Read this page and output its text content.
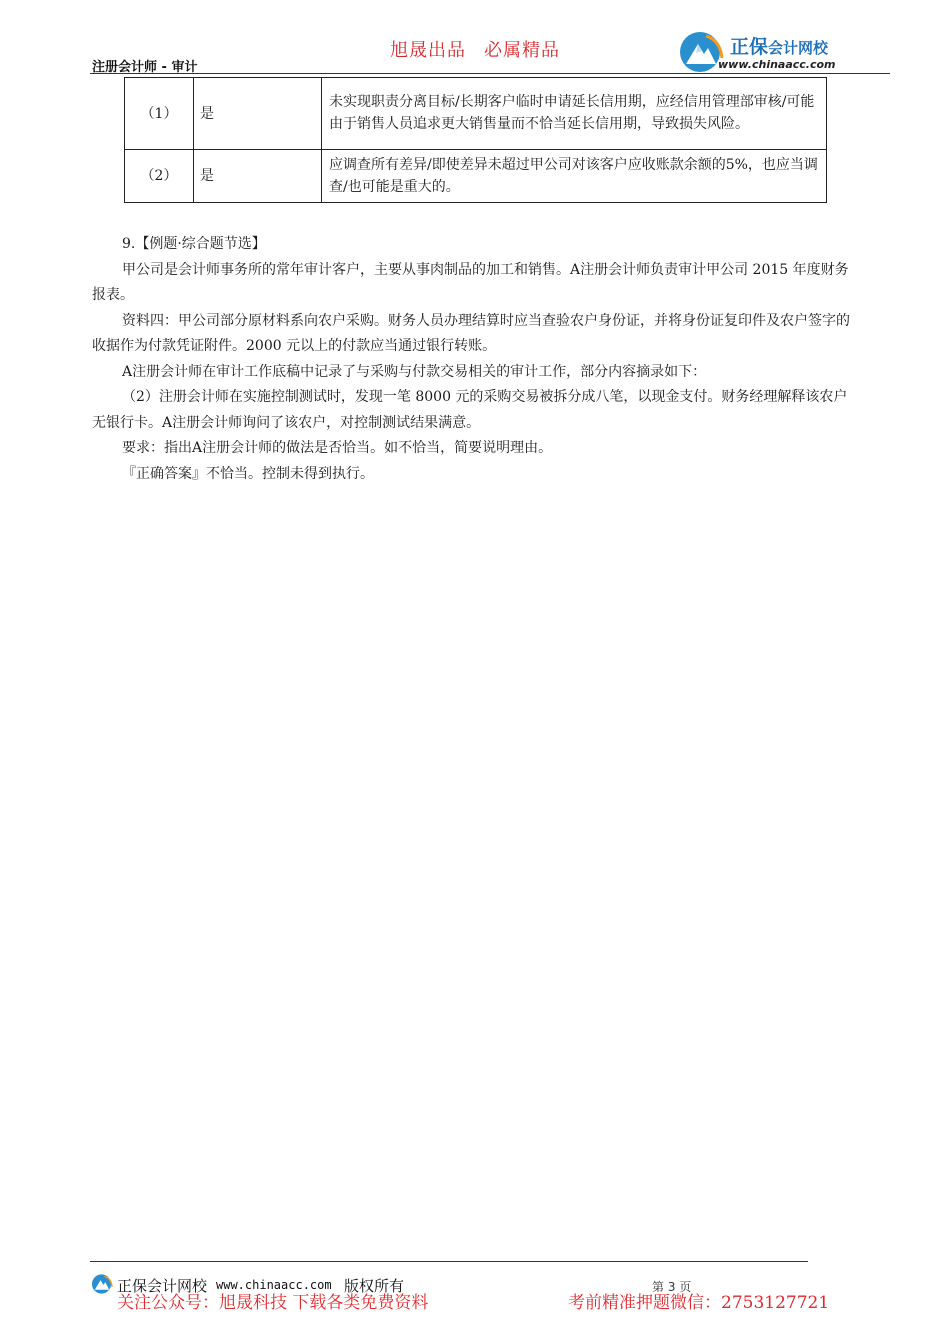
注册会计师 - 审计
旭晟出品 必属精品	正保会计网校
www.chinaacc.com
（1）	是	未实现职责分离目标/长期客户临时申请延长信用期，应经信用管理部审核/可能由于销售人员追求更大销售量而不恰当延长信用期，导致损失风险。
（2）	是	应调查所有差异/即使差异未超过甲公司对该客户应收账款余额的5%，也应当调查/也可能是重大的。

9.【例题·综合题节选】

甲公司是会计师事务所的常年审计客户，主要从事肉制品的加工和销售。A注册会计师负责审计甲公司 2015 年度财务报表。

资料四：甲公司部分原材料系向农户采购。财务人员办理结算时应当查验农户身份证，并将身份证复印件及农户签字的收据作为付款凭证附件。2000 元以上的付款应当通过银行转账。

A注册会计师在审计工作底稿中记录了与采购与付款交易相关的审计工作，部分内容摘录如下：

（2）注册会计师在实施控制测试时，发现一笔 8000 元的采购交易被拆分成八笔，以现金支付。财务经理解释该农户无银行卡。A注册会计师询问了该农户，对控制测试结果满意。

要求：指出A注册会计师的做法是否恰当。如不恰当，简要说明理由。

『正确答案』不恰当。控制未得到执行。

正保会计网校 www.chinaacc.com 版权所有	第 3 页
关注公众号：旭晟科技 下载各类免费资料	考前精准押题微信：2753127721
